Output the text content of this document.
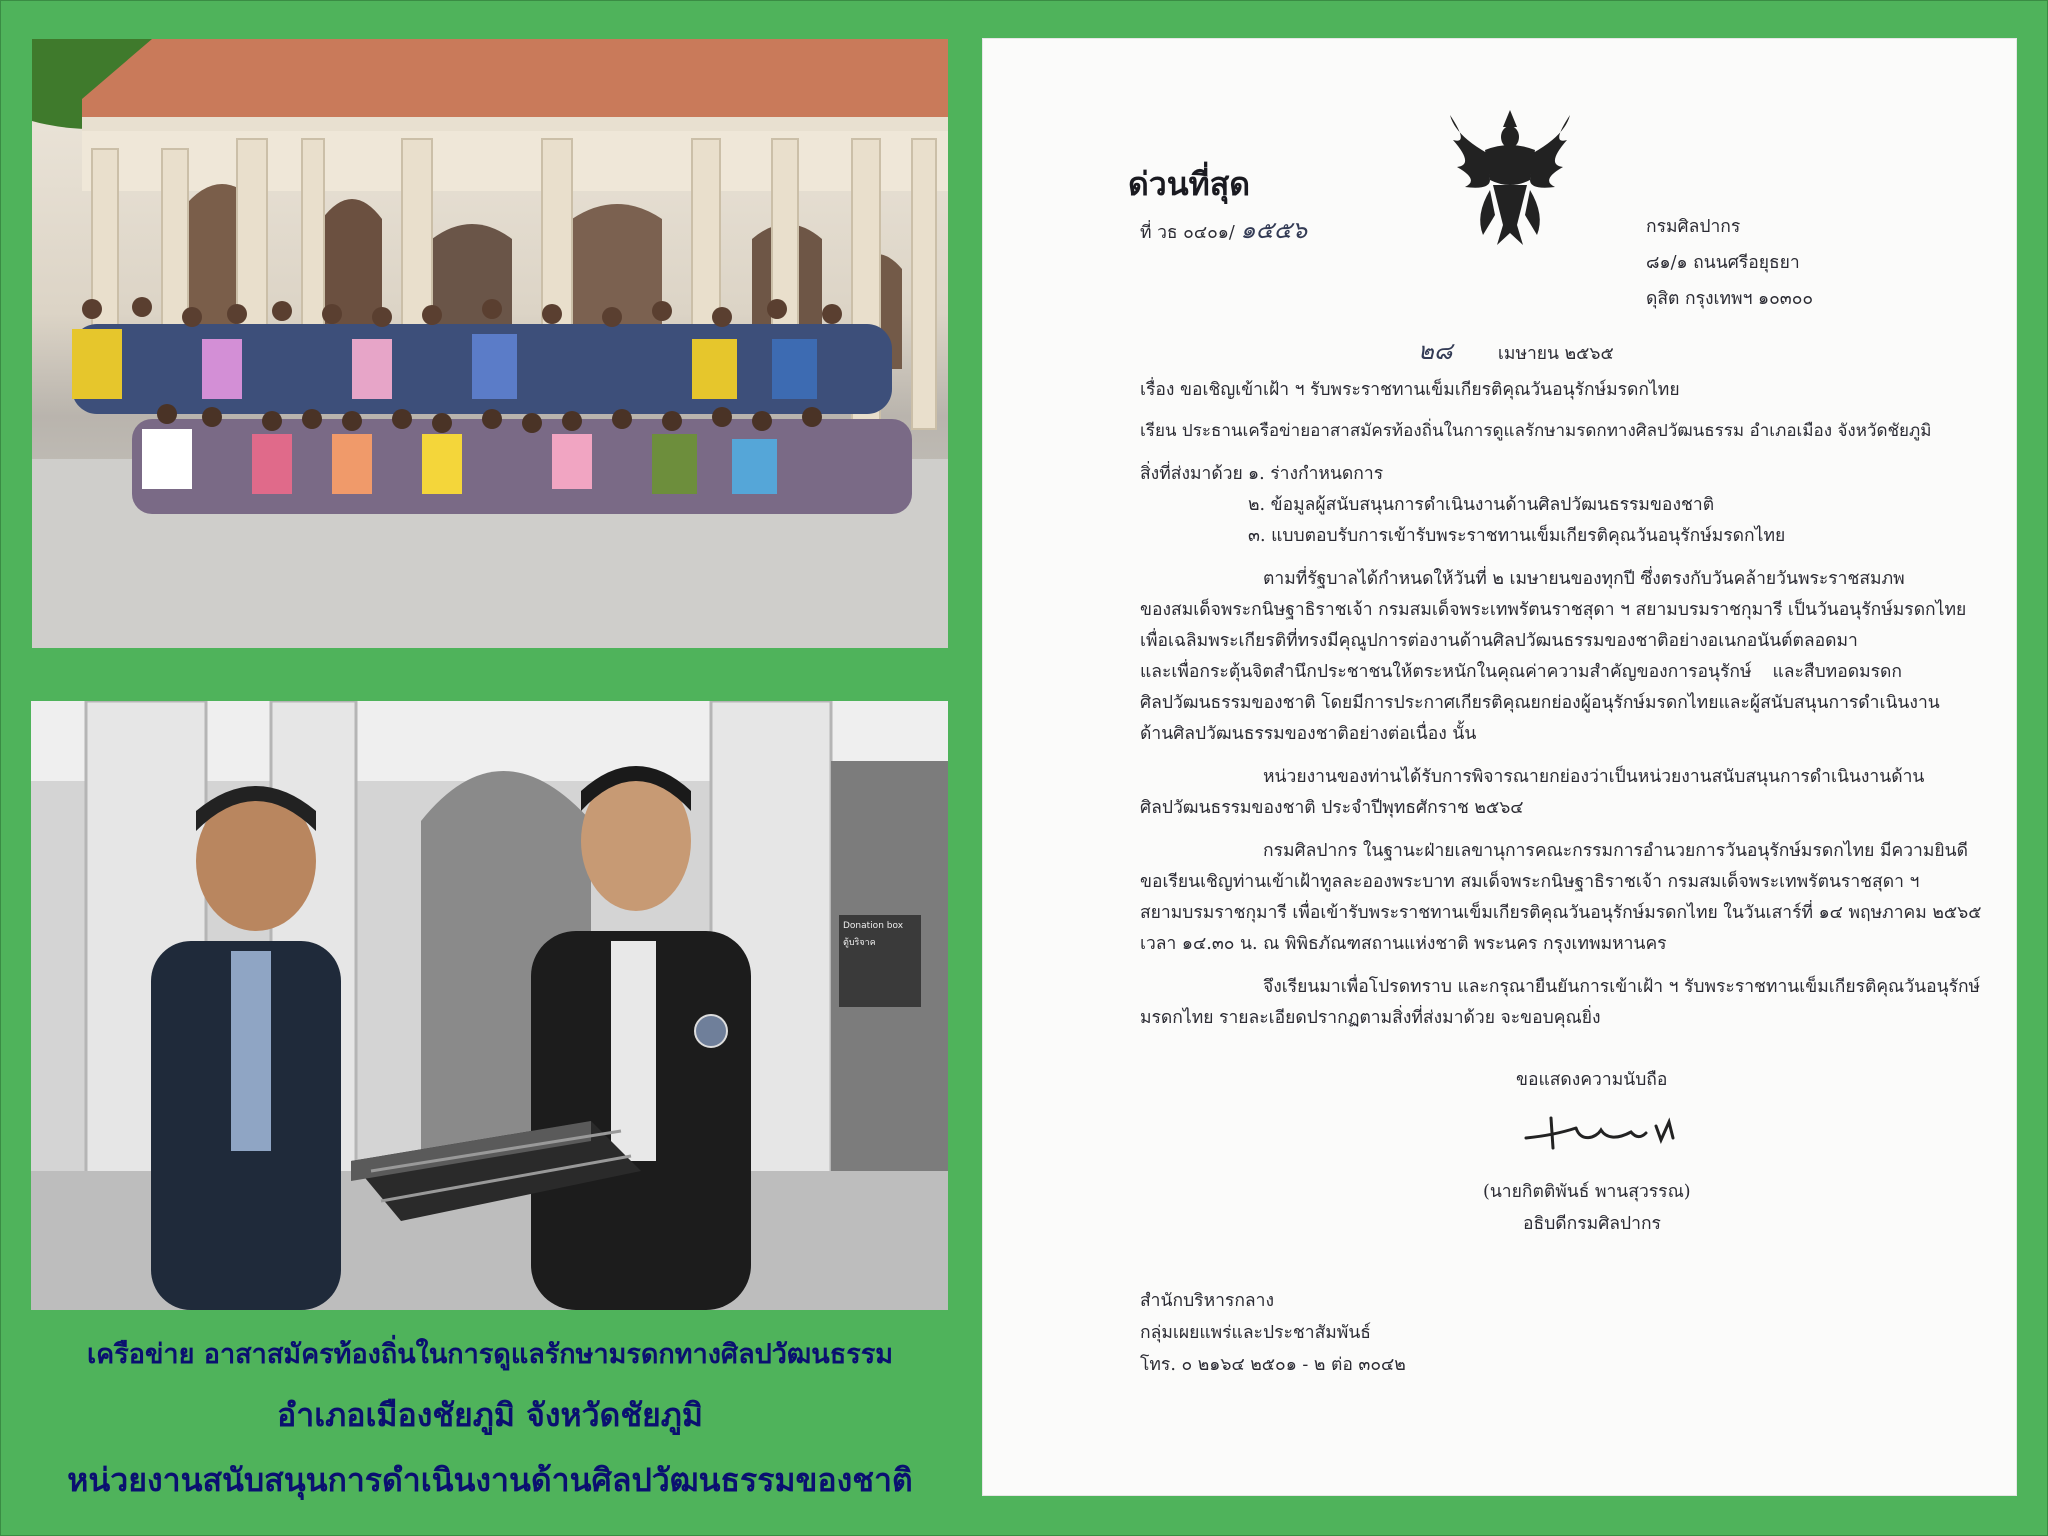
Donation box
ตู้บริจาค
เครือข่าย อาสาสมัครท้องถิ่นในการดูแลรักษามรดกทางศิลปวัฒนธรรม
อำเภอเมืองชัยภูมิ จังหวัดชัยภูมิ
หน่วยงานสนับสนุนการดำเนินงานด้านศิลปวัฒนธรรมของชาติ
ด่วนที่สุด
ที่ วธ ๐๔๐๑/ ๑๕๕๖	กรมศิลปากร
๘๑/๑ ถนนศรีอยุธยา
ดุสิต กรุงเทพฯ ๑๐๓๐๐
๒๘	เมษายน ๒๕๖๕
เรื่อง ขอเชิญเข้าเฝ้า ฯ รับพระราชทานเข็มเกียรติคุณวันอนุรักษ์มรดกไทย
เรียน ประธานเครือข่ายอาสาสมัครท้องถิ่นในการดูแลรักษามรดกทางศิลปวัฒนธรรม อำเภอเมือง จังหวัดชัยภูมิ
สิ่งที่ส่งมาด้วย ๑. ร่างกำหนดการ
๒. ข้อมูลผู้สนับสนุนการดำเนินงานด้านศิลปวัฒนธรรมของชาติ
๓. แบบตอบรับการเข้ารับพระราชทานเข็มเกียรติคุณวันอนุรักษ์มรดกไทย
ตามที่รัฐบาลได้กำหนดให้วันที่ ๒ เมษายนของทุกปี ซึ่งตรงกับวันคล้ายวันพระราชสมภพ
ของสมเด็จพระกนิษฐาธิราชเจ้า กรมสมเด็จพระเทพรัตนราชสุดา ฯ สยามบรมราชกุมารี เป็นวันอนุรักษ์มรดกไทย
เพื่อเฉลิมพระเกียรติที่ทรงมีคุณูปการต่องานด้านศิลปวัฒนธรรมของชาติอย่างอเนกอนันต์ตลอดมา
และเพื่อกระตุ้นจิตสำนึกประชาชนให้ตระหนักในคุณค่าความสำคัญของการอนุรักษ์ และสืบทอดมรดก
ศิลปวัฒนธรรมของชาติ โดยมีการประกาศเกียรติคุณยกย่องผู้อนุรักษ์มรดกไทยและผู้สนับสนุนการดำเนินงาน
ด้านศิลปวัฒนธรรมของชาติอย่างต่อเนื่อง นั้น
หน่วยงานของท่านได้รับการพิจารณายกย่องว่าเป็นหน่วยงานสนับสนุนการดำเนินงานด้าน
ศิลปวัฒนธรรมของชาติ ประจำปีพุทธศักราช ๒๕๖๔
กรมศิลปากร ในฐานะฝ่ายเลขานุการคณะกรรมการอำนวยการวันอนุรักษ์มรดกไทย มีความยินดี
ขอเรียนเชิญท่านเข้าเฝ้าทูลละอองพระบาท สมเด็จพระกนิษฐาธิราชเจ้า กรมสมเด็จพระเทพรัตนราชสุดา ฯ
สยามบรมราชกุมารี เพื่อเข้ารับพระราชทานเข็มเกียรติคุณวันอนุรักษ์มรดกไทย ในวันเสาร์ที่ ๑๔ พฤษภาคม ๒๕๖๕
เวลา ๑๔.๓๐ น. ณ พิพิธภัณฑสถานแห่งชาติ พระนคร กรุงเทพมหานคร
จึงเรียนมาเพื่อโปรดทราบ และกรุณายืนยันการเข้าเฝ้า ฯ รับพระราชทานเข็มเกียรติคุณวันอนุรักษ์
มรดกไทย รายละเอียดปรากฏตามสิ่งที่ส่งมาด้วย จะขอบคุณยิ่ง
ขอแสดงความนับถือ
(นายกิตติพันธ์ พานสุวรรณ)
อธิบดีกรมศิลปากร
สำนักบริหารกลาง
กลุ่มเผยแพร่และประชาสัมพันธ์
โทร. ๐ ๒๑๖๔ ๒๕๐๑ - ๒ ต่อ ๓๐๔๒
